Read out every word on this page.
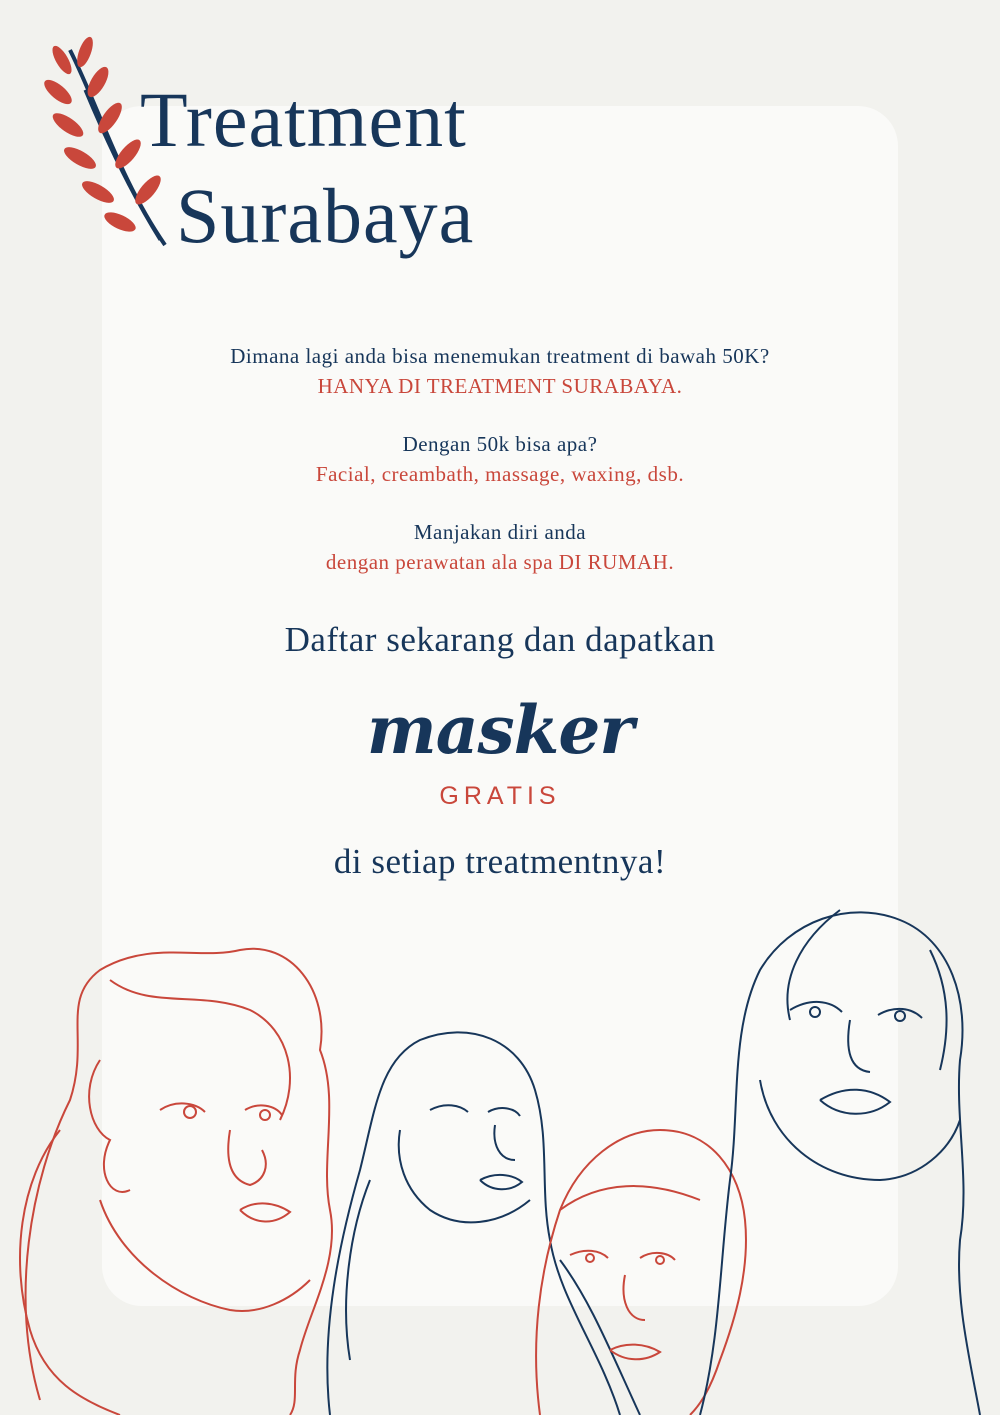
Treatment
Surabaya
Dimana lagi anda bisa menemukan treatment di bawah 50K?
HANYA DI TREATMENT SURABAYA.
Dengan 50k bisa apa?
Facial, creambath, massage, waxing, dsb.
Manjakan diri anda
dengan perawatan ala spa DI RUMAH.
Daftar sekarang dan dapatkan
masker
GRATIS
di setiap treatmentnya!
